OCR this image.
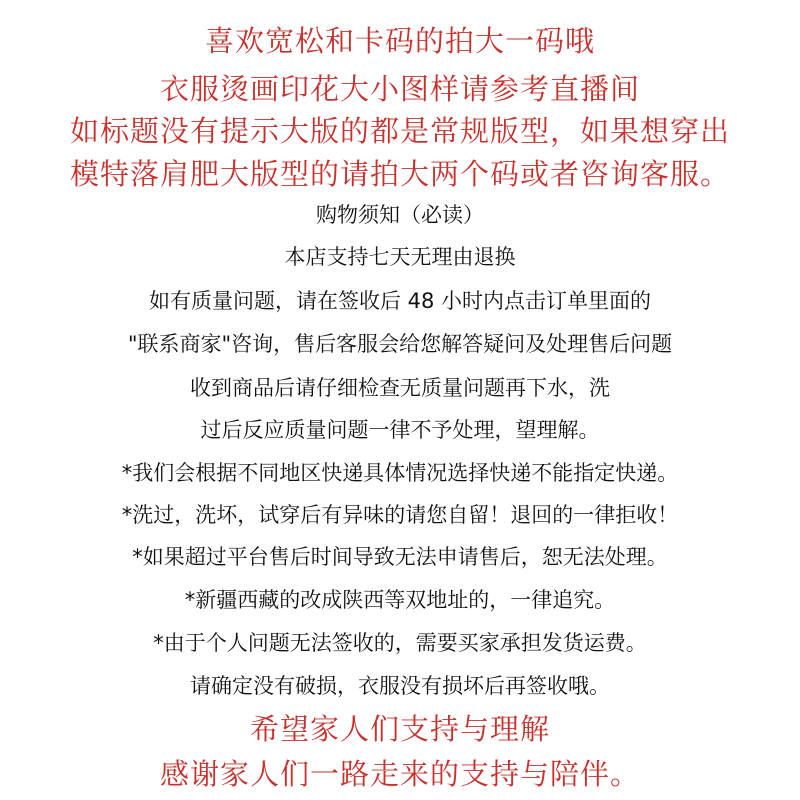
喜欢宽松和卡码的拍大一码哦
衣服烫画印花大小图样请参考直播间
如标题没有提示大版的都是常规版型，如果想穿出
模特落肩肥大版型的请拍大两个码或者咨询客服。
购物须知（必读）
本店支持七天无理由退换
如有质量问题，请在签收后 48 小时内点击订单里面的
"联系商家"咨询，售后客服会给您解答疑问及处理售后问题
收到商品后请仔细检查无质量问题再下水，洗
过后反应质量问题一律不予处理，望理解。
*我们会根据不同地区快递具体情况选择快递不能指定快递。
*洗过，洗坏，试穿后有异味的请您自留！退回的一律拒收！
*如果超过平台售后时间导致无法申请售后，恕无法处理。
*新疆西藏的改成陕西等双地址的，一律追究。
*由于个人问题无法签收的，需要买家承担发货运费。
请确定没有破损，衣服没有损坏后再签收哦。
希望家人们支持与理解
感谢家人们一路走来的支持与陪伴。
